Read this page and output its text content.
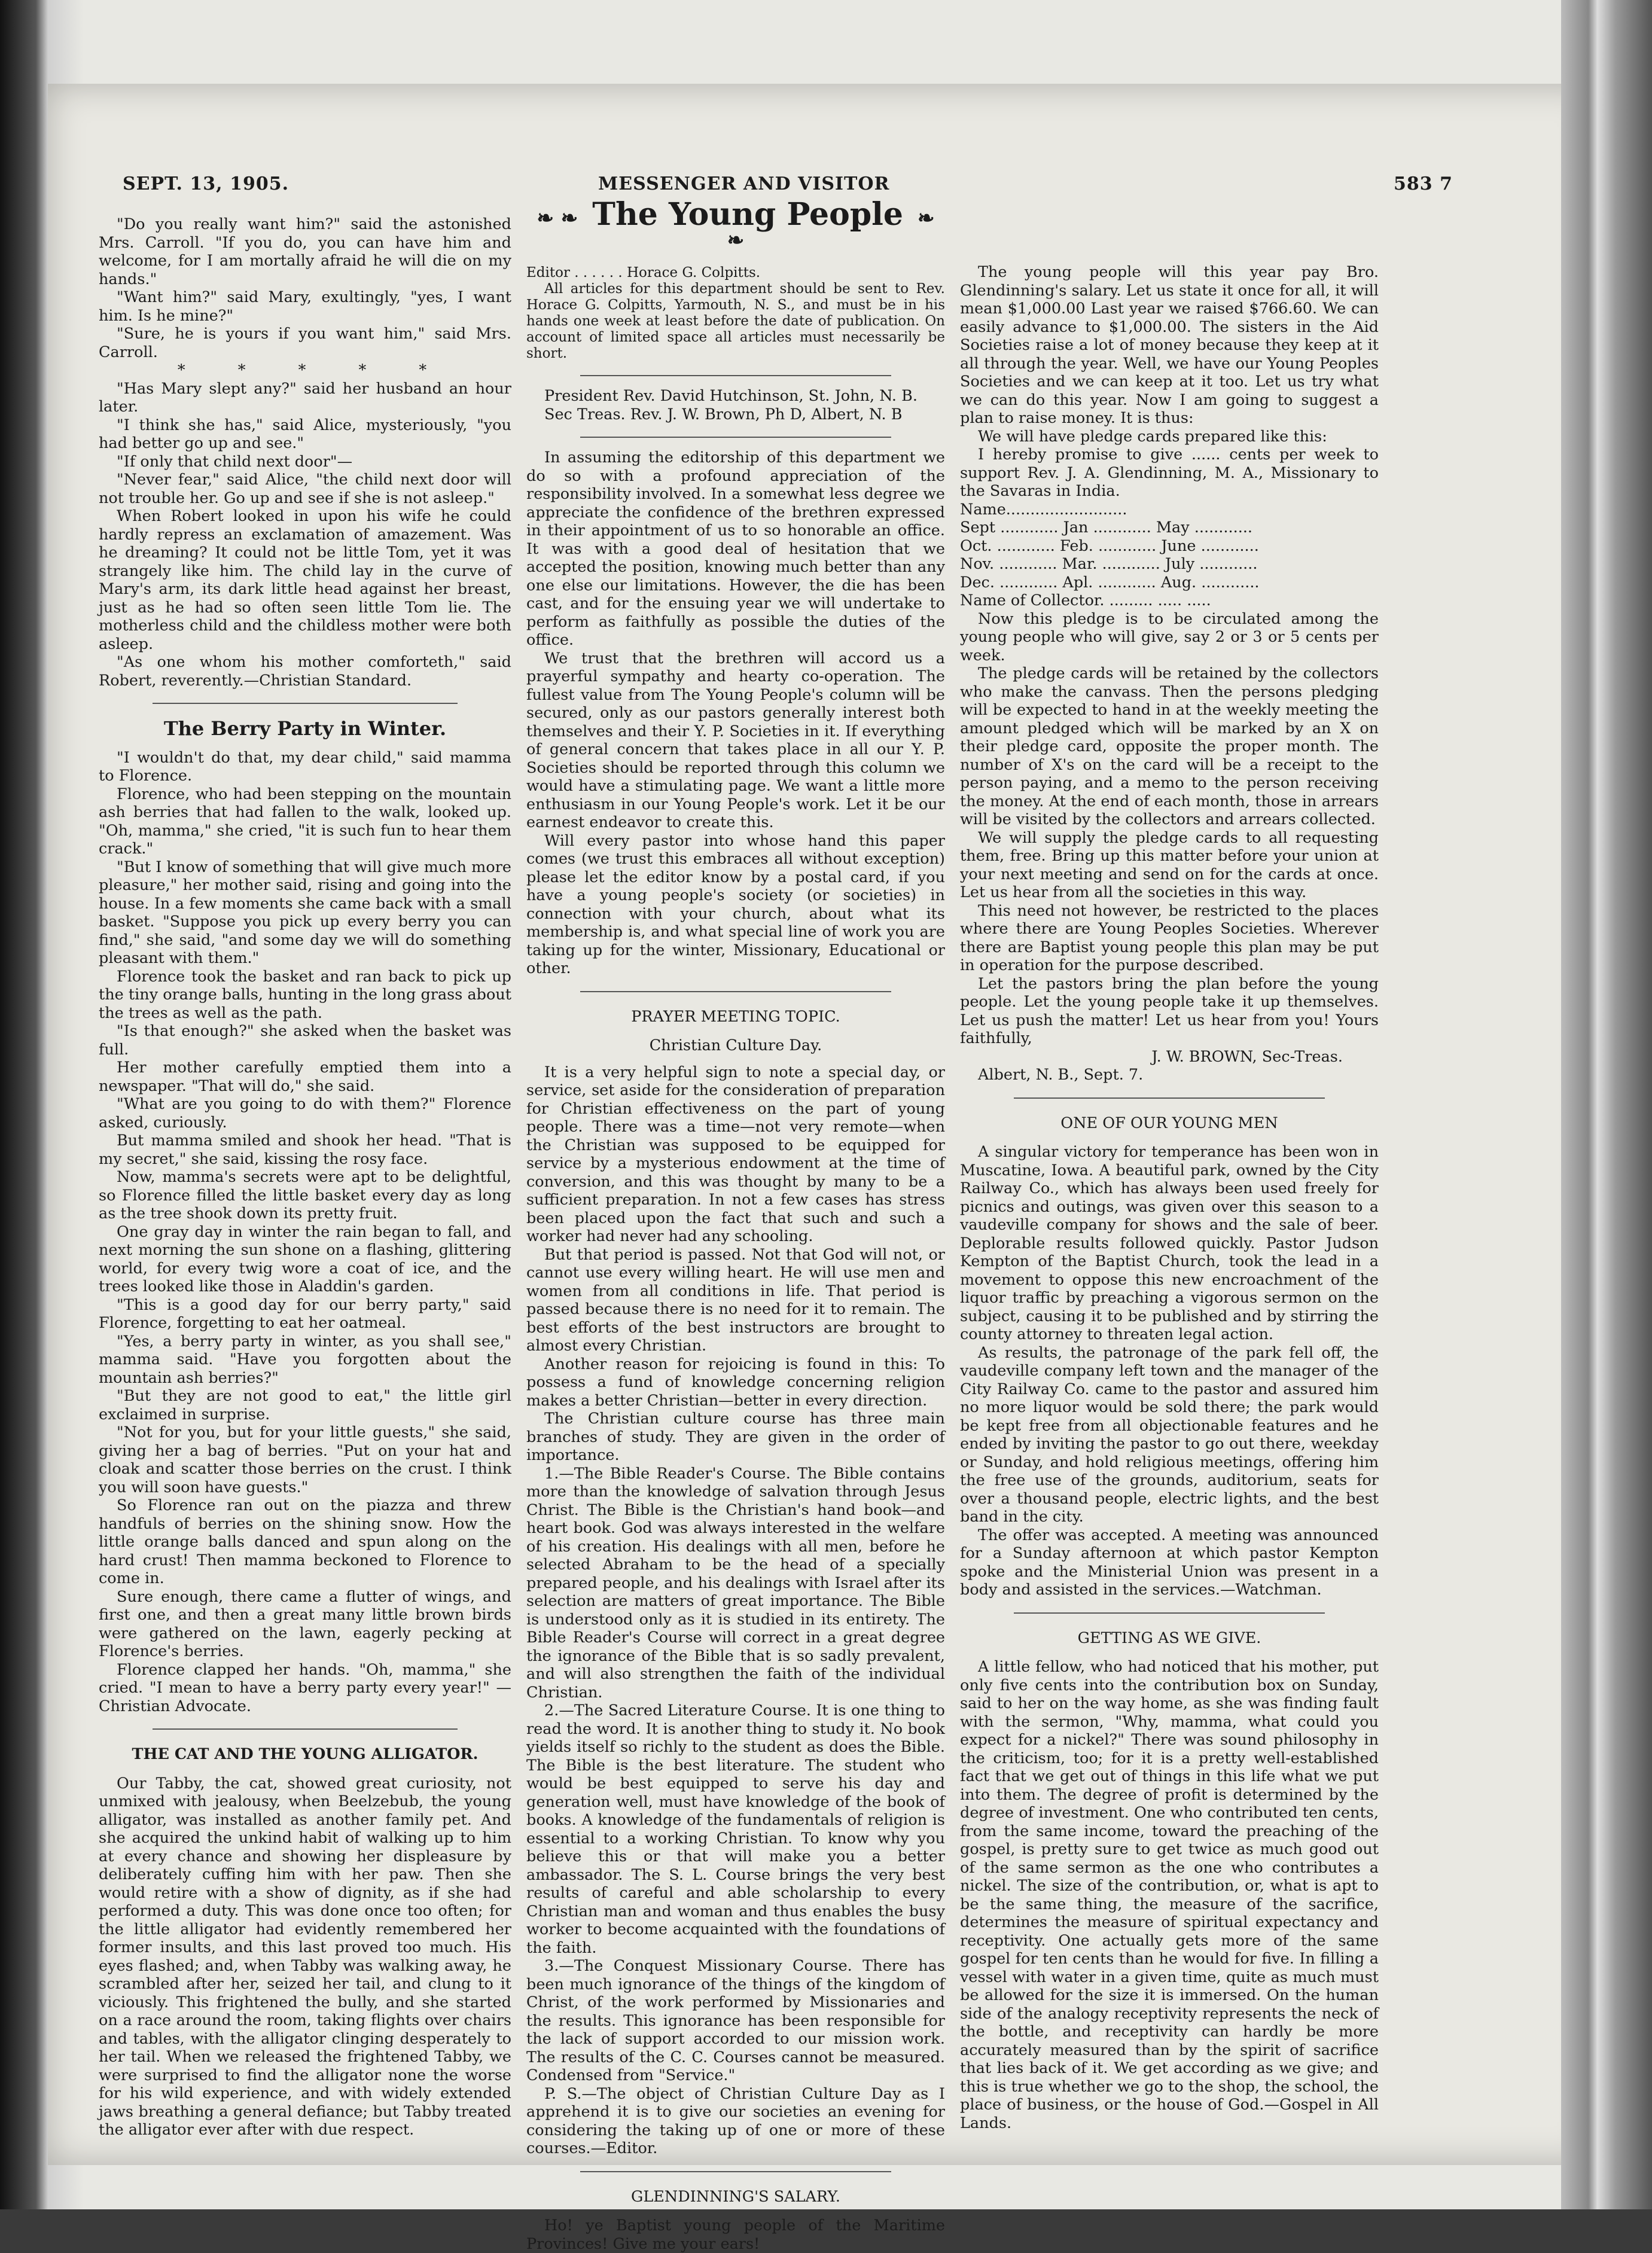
SEPT. 13, 1905.	MESSENGER AND VISITOR	583 7

"Do you really want him?" said the astonished Mrs. Carroll. "If you do, you can have him and welcome, for I am mortally afraid he will die on my hands."

"Want him?" said Mary, exultingly, "yes, I want him. Is he mine?"

"Sure, he is yours if you want him," said Mrs. Carroll.

* * * * *

"Has Mary slept any?" said her husband an hour later.

"I think she has," said Alice, mysteriously, "you had better go up and see."

"If only that child next door"—

"Never fear," said Alice, "the child next door will not trouble her. Go up and see if she is not asleep."

When Robert looked in upon his wife he could hardly repress an exclamation of amazement. Was he dreaming? It could not be little Tom, yet it was strangely like him. The child lay in the curve of Mary's arm, its dark little head against her breast, just as he had so often seen little Tom lie. The motherless child and the childless mother were both asleep.

"As one whom his mother comforteth," said Robert, reverently.—Christian Standard.

The Berry Party in Winter.

"I wouldn't do that, my dear child," said mamma to Florence.

Florence, who had been stepping on the mountain ash berries that had fallen to the walk, looked up. "Oh, mamma," she cried, "it is such fun to hear them crack."

"But I know of something that will give much more pleasure," her mother said, rising and going into the house. In a few moments she came back with a small basket. "Suppose you pick up every berry you can find," she said, "and some day we will do something pleasant with them."

Florence took the basket and ran back to pick up the tiny orange balls, hunting in the long grass about the trees as well as the path.

"Is that enough?" she asked when the basket was full.

Her mother carefully emptied them into a newspaper. "That will do," she said.

"What are you going to do with them?" Florence asked, curiously.

But mamma smiled and shook her head. "That is my secret," she said, kissing the rosy face.

Now, mamma's secrets were apt to be delightful, so Florence filled the little basket every day as long as the tree shook down its pretty fruit.

One gray day in winter the rain began to fall, and next morning the sun shone on a flashing, glittering world, for every twig wore a coat of ice, and the trees looked like those in Aladdin's garden.

"This is a good day for our berry party," said Florence, forgetting to eat her oatmeal.

"Yes, a berry party in winter, as you shall see," mamma said. "Have you forgotten about the mountain ash berries?"

"But they are not good to eat," the little girl exclaimed in surprise.

"Not for you, but for your little guests," she said, giving her a bag of berries. "Put on your hat and cloak and scatter those berries on the crust. I think you will soon have guests."

So Florence ran out on the piazza and threw handfuls of berries on the shining snow. How the little orange balls danced and spun along on the hard crust! Then mamma beckoned to Florence to come in.

Sure enough, there came a flutter of wings, and first one, and then a great many little brown birds were gathered on the lawn, eagerly pecking at Florence's berries.

Florence clapped her hands. "Oh, mamma," she cried. "I mean to have a berry party every year!" —Christian Advocate.

THE CAT AND THE YOUNG ALLIGATOR.

Our Tabby, the cat, showed great curiosity, not unmixed with jealousy, when Beelzebub, the young alligator, was installed as another family pet. And she acquired the unkind habit of walking up to him at every chance and showing her displeasure by deliberately cuffing him with her paw. Then she would retire with a show of dignity, as if she had performed a duty. This was done once too often; for the little alligator had evidently remembered her former insults, and this last proved too much. His eyes flashed; and, when Tabby was walking away, he scrambled after her, seized her tail, and clung to it viciously. This frightened the bully, and she started on a race around the room, taking flights over chairs and tables, with the alligator clinging desperately to her tail. When we released the frightened Tabby, we were surprised to find the alligator none the worse for his wild experience, and with widely extended jaws breathing a general defiance; but Tabby treated the alligator ever after with due respect.

❧ ❧ The Young People ❧ ❧

Editor . . . . . . Horace G. Colpitts.

All articles for this department should be sent to Rev. Horace G. Colpitts, Yarmouth, N. S., and must be in his hands one week at least before the date of publication. On account of limited space all articles must necessarily be short.

President Rev. David Hutchinson, St. John, N. B.

Sec Treas. Rev. J. W. Brown, Ph D, Albert, N. B

In assuming the editorship of this department we do so with a profound appreciation of the responsibility involved. In a somewhat less degree we appreciate the confidence of the brethren expressed in their appointment of us to so honorable an office. It was with a good deal of hesitation that we accepted the position, knowing much better than any one else our limitations. However, the die has been cast, and for the ensuing year we will undertake to perform as faithfully as possible the duties of the office.

We trust that the brethren will accord us a prayerful sympathy and hearty co-operation. The fullest value from The Young People's column will be secured, only as our pastors generally interest both themselves and their Y. P. Societies in it. If everything of general concern that takes place in all our Y. P. Societies should be reported through this column we would have a stimulating page. We want a little more enthusiasm in our Young People's work. Let it be our earnest endeavor to create this.

Will every pastor into whose hand this paper comes (we trust this embraces all without exception) please let the editor know by a postal card, if you have a young people's society (or societies) in connection with your church, about what its membership is, and what special line of work you are taking up for the winter, Missionary, Educational or other.

PRAYER MEETING TOPIC.

Christian Culture Day.

It is a very helpful sign to note a special day, or service, set aside for the consideration of preparation for Christian effectiveness on the part of young people. There was a time—not very remote—when the Christian was supposed to be equipped for service by a mysterious endowment at the time of conversion, and this was thought by many to be a sufficient preparation. In not a few cases has stress been placed upon the fact that such and such a worker had never had any schooling.

But that period is passed. Not that God will not, or cannot use every willing heart. He will use men and women from all conditions in life. That period is passed because there is no need for it to remain. The best efforts of the best instructors are brought to almost every Christian.

Another reason for rejoicing is found in this: To possess a fund of knowledge concerning religion makes a better Christian—better in every direction.

The Christian culture course has three main branches of study. They are given in the order of importance.

1.—The Bible Reader's Course. The Bible contains more than the knowledge of salvation through Jesus Christ. The Bible is the Christian's hand book—and heart book. God was always interested in the welfare of his creation. His dealings with all men, before he selected Abraham to be the head of a specially prepared people, and his dealings with Israel after its selection are matters of great importance. The Bible is understood only as it is studied in its entirety. The Bible Reader's Course will correct in a great degree the ignorance of the Bible that is so sadly prevalent, and will also strengthen the faith of the individual Christian.

2.—The Sacred Literature Course. It is one thing to read the word. It is another thing to study it. No book yields itself so richly to the student as does the Bible. The Bible is the best literature. The student who would be best equipped to serve his day and generation well, must have knowledge of the book of books. A knowledge of the fundamentals of religion is essential to a working Christian. To know why you believe this or that will make you a better ambassador. The S. L. Course brings the very best results of careful and able scholarship to every Christian man and woman and thus enables the busy worker to become acquainted with the foundations of the faith.

3.—The Conquest Missionary Course. There has been much ignorance of the things of the kingdom of Christ, of the work performed by Missionaries and the results. This ignorance has been responsible for the lack of support accorded to our mission work. The results of the C. C. Courses cannot be measured. Condensed from "Service."

P. S.—The object of Christian Culture Day as I apprehend it is to give our societies an evening for considering the taking up of one or more of these courses.—Editor.

GLENDINNING'S SALARY.

Ho! ye Baptist young people of the Maritime Provinces! Give me your ears!

The young people will this year pay Bro. Glendinning's salary. Let us state it once for all, it will mean $1,000.00 Last year we raised $766.60. We can easily advance to $1,000.00. The sisters in the Aid Societies raise a lot of money because they keep at it all through the year. Well, we have our Young Peoples Societies and we can keep at it too. Let us try what we can do this year. Now I am going to suggest a plan to raise money. It is thus:

We will have pledge cards prepared like this:

I hereby promise to give ...... cents per week to support Rev. J. A. Glendinning, M. A., Missionary to the Savaras in India.
Name.........................
Sept ............ Jan ............ May ............
Oct. ............ Feb. ............ June ............
Nov. ............ Mar. ............ July ............
Dec. ............ Apl. ............ Aug. ............
Name of Collector. ......... ..... .....

Now this pledge is to be circulated among the young people who will give, say 2 or 3 or 5 cents per week.

The pledge cards will be retained by the collectors who make the canvass. Then the persons pledging will be expected to hand in at the weekly meeting the amount pledged which will be marked by an X on their pledge card, opposite the proper month. The number of X's on the card will be a receipt to the person paying, and a memo to the person receiving the money. At the end of each month, those in arrears will be visited by the collectors and arrears collected.

We will supply the pledge cards to all requesting them, free. Bring up this matter before your union at your next meeting and send on for the cards at once. Let us hear from all the societies in this way.

This need not however, be restricted to the places where there are Young Peoples Societies. Wherever there are Baptist young people this plan may be put in operation for the purpose described.

Let the pastors bring the plan before the young people. Let the young people take it up themselves. Let us push the matter! Let us hear from you! Yours faithfully,

J. W. BROWN, Sec-Treas.

Albert, N. B., Sept. 7.

ONE OF OUR YOUNG MEN

A singular victory for temperance has been won in Muscatine, Iowa. A beautiful park, owned by the City Railway Co., which has always been used freely for picnics and outings, was given over this season to a vaudeville company for shows and the sale of beer. Deplorable results followed quickly. Pastor Judson Kempton of the Baptist Church, took the lead in a movement to oppose this new encroachment of the liquor traffic by preaching a vigorous sermon on the subject, causing it to be published and by stirring the county attorney to threaten legal action.

As results, the patronage of the park fell off, the vaudeville company left town and the manager of the City Railway Co. came to the pastor and assured him no more liquor would be sold there; the park would be kept free from all objectionable features and he ended by inviting the pastor to go out there, weekday or Sunday, and hold religious meetings, offering him the free use of the grounds, auditorium, seats for over a thousand people, electric lights, and the best band in the city.

The offer was accepted. A meeting was announced for a Sunday afternoon at which pastor Kempton spoke and the Ministerial Union was present in a body and assisted in the services.—Watchman.

GETTING AS WE GIVE.

A little fellow, who had noticed that his mother, put only five cents into the contribution box on Sunday, said to her on the way home, as she was finding fault with the sermon, "Why, mamma, what could you expect for a nickel?" There was sound philosophy in the criticism, too; for it is a pretty well-established fact that we get out of things in this life what we put into them. The degree of profit is determined by the degree of investment. One who contributed ten cents, from the same income, toward the preaching of the gospel, is pretty sure to get twice as much good out of the same sermon as the one who contributes a nickel. The size of the contribution, or, what is apt to be the same thing, the measure of the sacrifice, determines the measure of spiritual expectancy and receptivity. One actually gets more of the same gospel for ten cents than he would for five. In filling a vessel with water in a given time, quite as much must be allowed for the size it is immersed. On the human side of the analogy receptivity represents the neck of the bottle, and receptivity can hardly be more accurately measured than by the spirit of sacrifice that lies back of it. We get according as we give; and this is true whether we go to the shop, the school, the place of business, or the house of God.—Gospel in All Lands.
